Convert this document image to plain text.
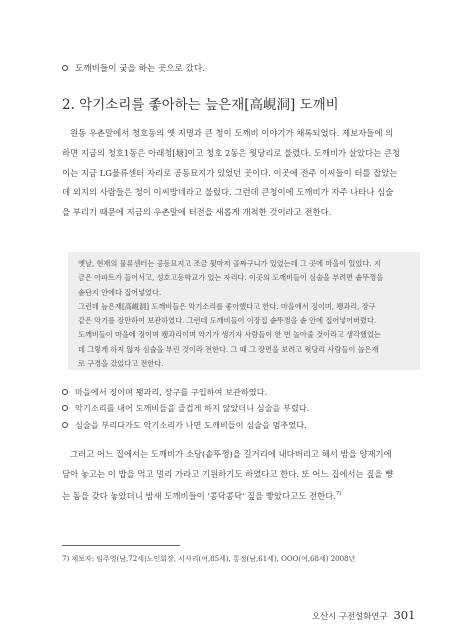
도깨비들이 궂을 하는 곳으로 갔다.
2. 악기소리를 좋아하는 늪은재[高峴洞] 도깨비
원동 우촌말에서 청호동의 옛 지명과 큰 청이 도깨비 이야기가 채록되었다. 제보자들에 의
하면 지금의 청호1동은 아래청[塘]이고 청호 2동은 웟당리로 불렸다. 도깨비가 살았다는 큰청
이는 지금 LG물류센터 자리로 공동묘지가 있었던 곳이다. 이곳에 전주 이씨들이 터를 잡았는
데 외지의 사람들은 청이 이씨방네라고 불렀다. 그런데 큰청이에 도깨비가 자주 나타나 심술
을 부리기 때문에 지금의 우촌말에 터전을 새롭게 개척한 것이라고 전한다.
옛날, 현재의 물류센터는 공동묘지고 조금 뒷마저 골짜구니가 있었는데 그 곳에 마을이 있었다. 지
금은 아파트가 들어서고, 성호고등학교가 있는 자리다. 이곳의 도깨비들이 심술을 부려면 솥뚜껑을
솥단지 안에다 집어넣었다.
그런데 늪은재[高峴洞] 도깨비들은 악기소리를 좋아했다고 한다. 마을에서 징이며, 꽹과리, 장구
같은 악기를 장만하여 보관하였다. 그런데 도깨비들이 이장집 솥뚜껑을 솥 안에 집어넣어버렸다.
도깨비들이 마을에 징이며 꽹과리이며 악기가 생기자 사람들이 한 번 놀아줄 것이라고 생각했었는
데 그렇게 하지 않자 심술을 부린 것이라 전한다. 그 때 그 장면을 보려고 웟당리 사람들이 놀은재
로 구경을 갔었다고 전한다.
마을에서 징이며 꽹과리, 장구를 구입하여 보관하였다.
악기소리를 내어 도깨비들을 즐겁게 하지 않았더니 심술을 부렸다.
심술을 부리다가도 악기소리가 나면 도깨비들이 심술을 멈추었다.
그러고 어느 집에서는 도깨비가 소당(솥뚜껑)을 길거리에 내다버리고 해서 밤을 양재기에
담아 놓고는 이 밥을 먹고 멀리 가라고 기원하기도 하였다고 한다. 또 어느 집에서는 짚을 뺭
는 돔을 갖다 놓았더니 밤새 도깨비들이 '콩닥콩닥' 짚을 빻았다고도 전한다.$^{7)}$
7) 제보자: 임주영(남,72세)노인회장, 서사리(여,85세), 통정(남,61세), OOO(여,68세) 2008년
오산시 구전설화연구 301
